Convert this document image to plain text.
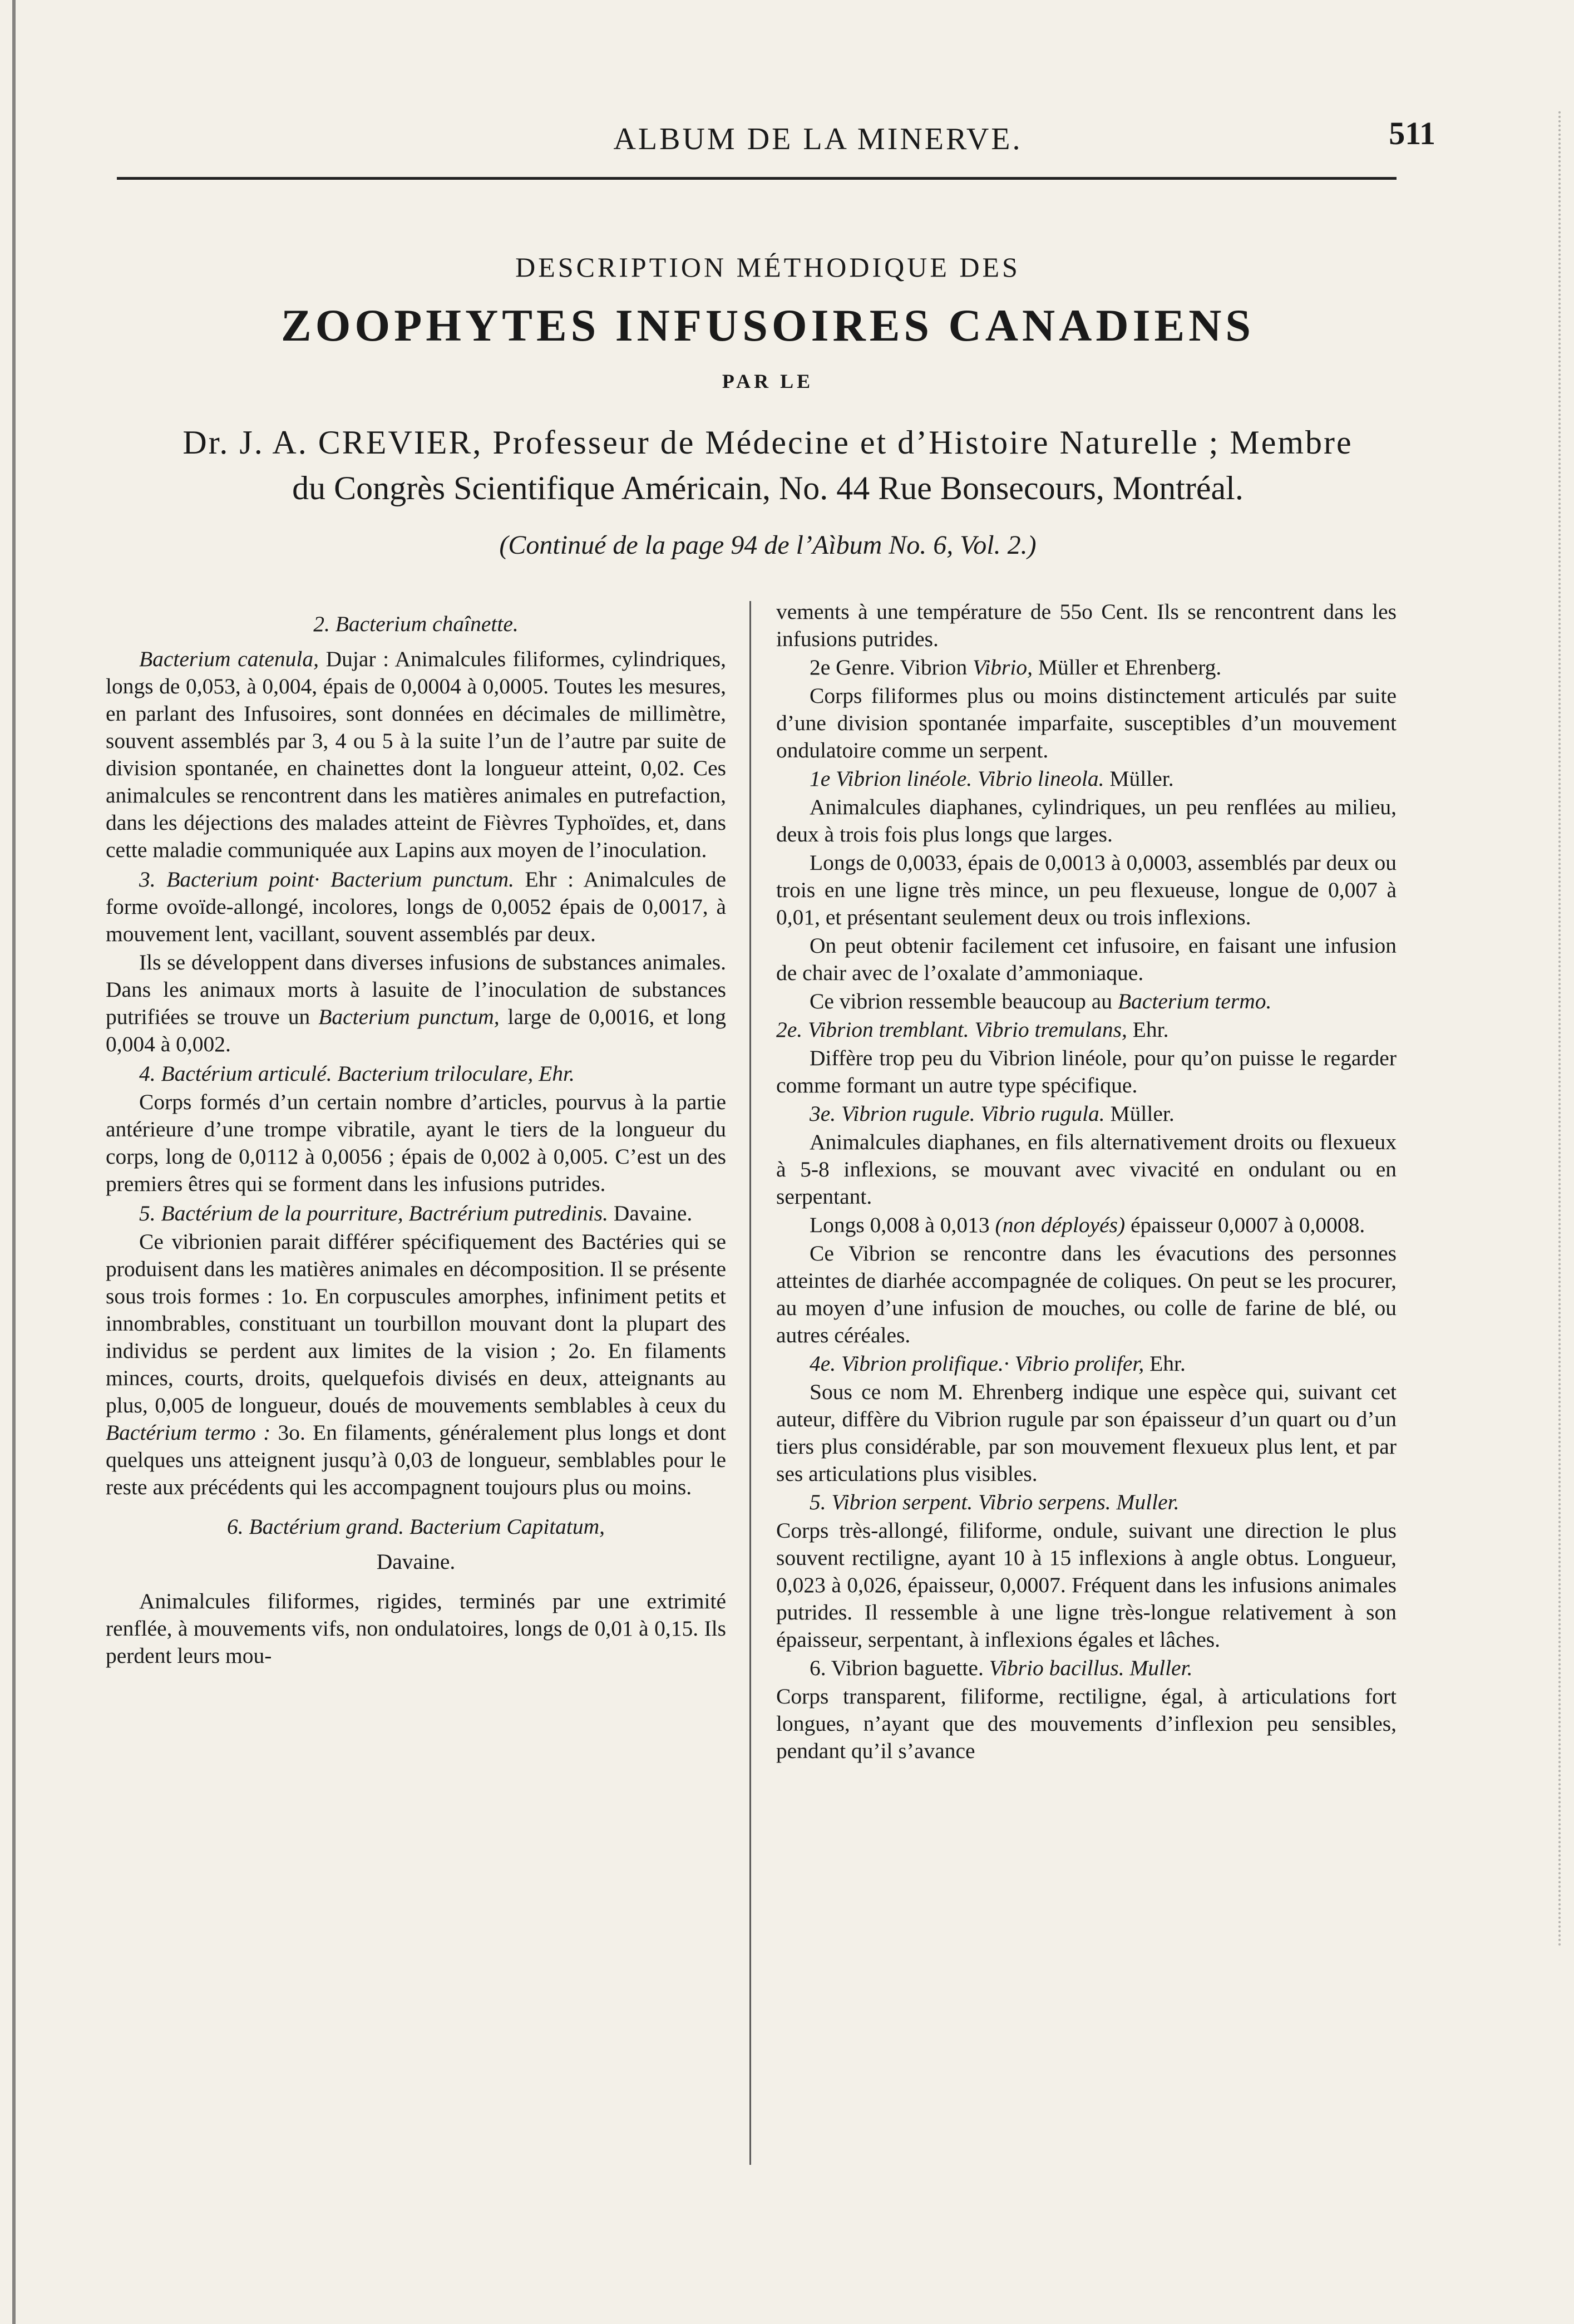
ALBUM DE LA MINERVE.	511
DESCRIPTION MÉTHODIQUE DES
ZOOPHYTES INFUSOIRES CANADIENS
PAR LE
Dr. J. A. CREVIER, Professeur de Médecine et d’Histoire Naturelle ; Membre
du Congrès Scientifique Américain, No. 44 Rue Bonsecours, Montréal.
(Continué de la page 94 de l’Aìbum No. 6, Vol. 2.)

2. Bacterium chaînette.

Bacterium catenula, Dujar : Animalcules filiformes, cylindriques, longs de 0,053, à 0,004, épais de 0,0004 à 0,0005. Toutes les mesures, en parlant des Infusoires, sont données en décimales de millimètre, souvent assemblés par 3, 4 ou 5 à la suite l’un de l’autre par suite de division spontanée, en chainettes dont la longueur atteint, 0,02. Ces animalcules se rencontrent dans les matières animales en putrefaction, dans les déjections des malades atteint de Fièvres Typhoïdes, et, dans cette maladie communiquée aux Lapins aux moyen de l’inoculation.

3. Bacterium point· Bacterium punctum. Ehr : Animalcules de forme ovoïde-allongé, incolores, longs de 0,0052 épais de 0,0017, à mouvement lent, vacillant, souvent assemblés par deux.

Ils se développent dans diverses infusions de substances animales. Dans les animaux morts à lasuite de l’inoculation de substances putrifiées se trouve un Bacterium punctum, large de 0,0016, et long 0,004 à 0,002.

4. Bactérium articulé. Bacterium triloculare, Ehr.

Corps formés d’un certain nombre d’articles, pourvus à la partie antérieure d’une trompe vibratile, ayant le tiers de la longueur du corps, long de 0,0112 à 0,0056 ; épais de 0,002 à 0,005. C’est un des premiers êtres qui se forment dans les infusions putrides.

5. Bactérium de la pourriture, Bactrérium putredinis. Davaine.

Ce vibrionien parait différer spécifiquement des Bactéries qui se produisent dans les matières animales en décomposition. Il se présente sous trois formes : 1o. En corpuscules amorphes, infiniment petits et innombrables, constituant un tourbillon mouvant dont la plupart des individus se perdent aux limites de la vision ; 2o. En filaments minces, courts, droits, quelquefois divisés en deux, atteignants au plus, 0,005 de longueur, doués de mouvements semblables à ceux du Bactérium termo : 3o. En filaments, généralement plus longs et dont quelques uns atteignent jusqu’à 0,03 de longueur, semblables pour le reste aux précédents qui les accompagnent toujours plus ou moins.

6. Bactérium grand. Bacterium Capitatum,

Davaine.

Animalcules filiformes, rigides, terminés par une extrimité renflée, à mouvements vifs, non ondulatoires, longs de 0,01 à 0,15. Ils perdent leurs mou-

vements à une température de 55o Cent. Ils se rencontrent dans les infusions putrides.

2e Genre. Vibrion Vibrio, Müller et Ehrenberg.

Corps filiformes plus ou moins distinctement articulés par suite d’une division spontanée imparfaite, susceptibles d’un mouvement ondulatoire comme un serpent.

1e Vibrion linéole. Vibrio lineola. Müller.

Animalcules diaphanes, cylindriques, un peu renflées au milieu, deux à trois fois plus longs que larges.

Longs de 0,0033, épais de 0,0013 à 0,0003, assemblés par deux ou trois en une ligne très mince, un peu flexueuse, longue de 0,007 à 0,01, et présentant seulement deux ou trois inflexions.

On peut obtenir facilement cet infusoire, en faisant une infusion de chair avec de l’oxalate d’ammoniaque.

Ce vibrion ressemble beaucoup au Bacterium termo.

2e. Vibrion tremblant. Vibrio tremulans, Ehr.

Diffère trop peu du Vibrion linéole, pour qu’on puisse le regarder comme formant un autre type spécifique.

3e. Vibrion rugule. Vibrio rugula. Müller.

Animalcules diaphanes, en fils alternativement droits ou flexueux à 5-8 inflexions, se mouvant avec vivacité en ondulant ou en serpentant.

Longs 0,008 à 0,013 (non déployés) épaisseur 0,0007 à 0,0008.

Ce Vibrion se rencontre dans les évacutions des personnes atteintes de diarhée accompagnée de coliques. On peut se les procurer, au moyen d’une infusion de mouches, ou colle de farine de blé, ou autres céréales.

4e. Vibrion prolifique.· Vibrio prolifer, Ehr.

Sous ce nom M. Ehrenberg indique une espèce qui, suivant cet auteur, diffère du Vibrion rugule par son épaisseur d’un quart ou d’un tiers plus considérable, par son mouvement flexueux plus lent, et par ses articulations plus visibles.

5. Vibrion serpent. Vibrio serpens. Muller.

Corps très-allongé, filiforme, ondule, suivant une direction le plus souvent rectiligne, ayant 10 à 15 inflexions à angle obtus. Longueur, 0,023 à 0,026, épaisseur, 0,0007. Fréquent dans les infusions animales putrides. Il ressemble à une ligne très-longue relativement à son épaisseur, serpentant, à inflexions égales et lâches.

6. Vibrion baguette. Vibrio bacillus. Muller.

Corps transparent, filiforme, rectiligne, égal, à articulations fort longues, n’ayant que des mouvements d’inflexion peu sensibles, pendant qu’il s’avance
